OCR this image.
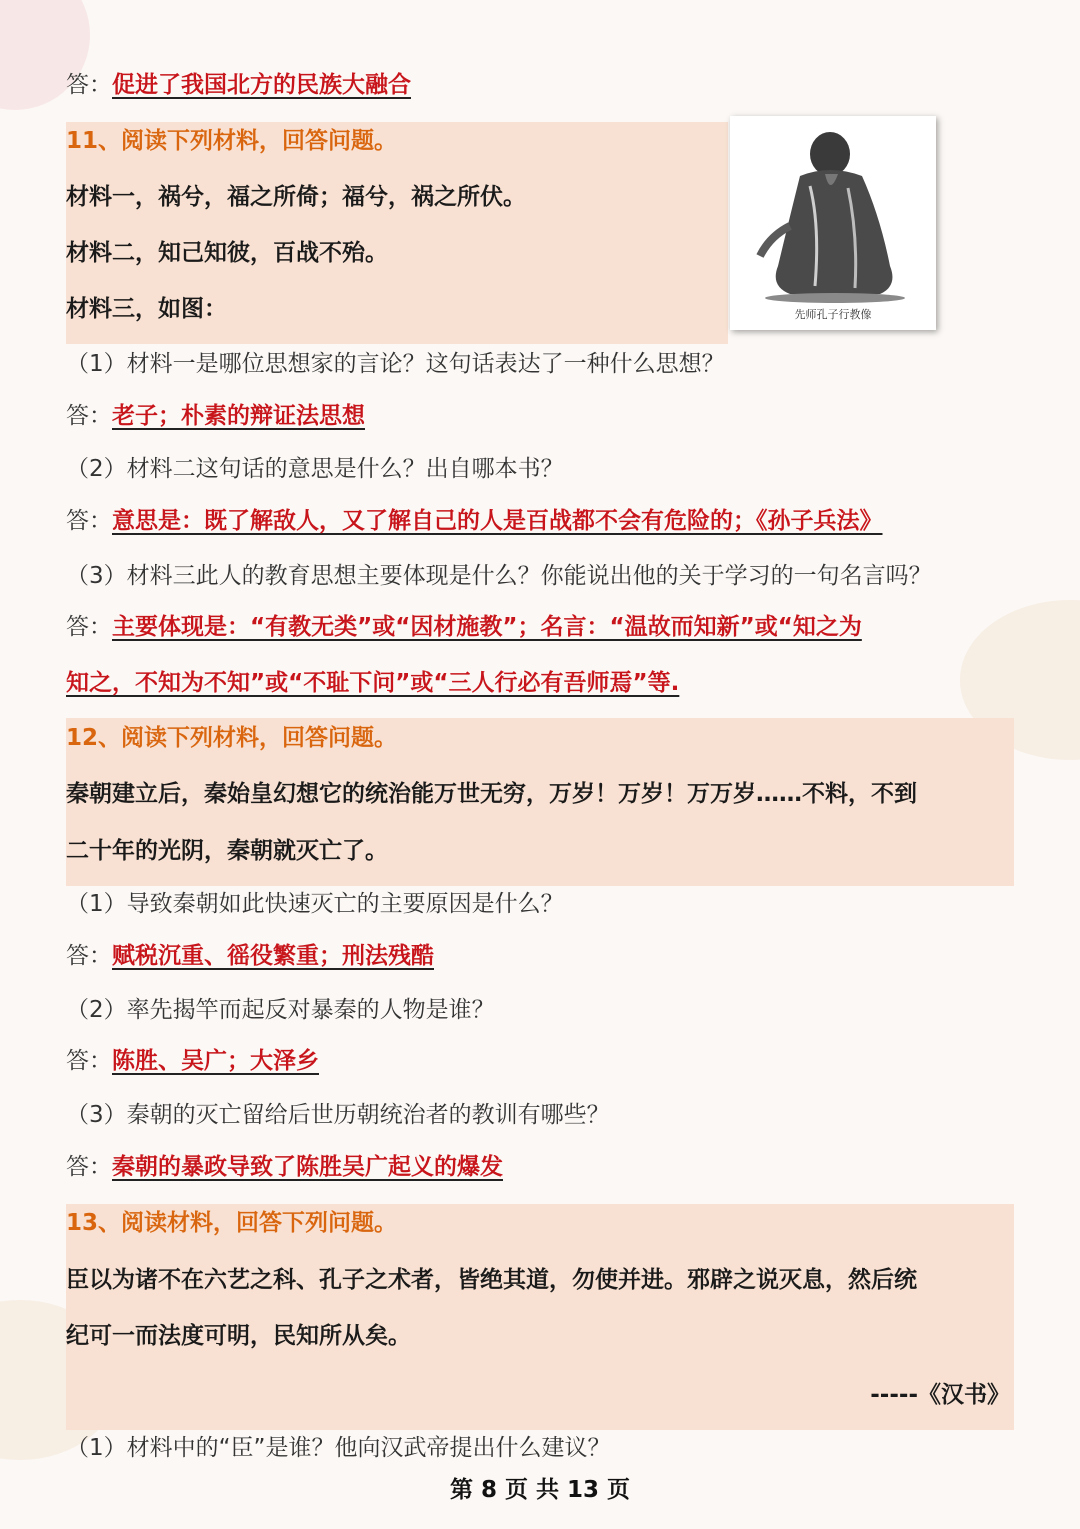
答：促进了我国北方的民族大融合
11、阅读下列材料，回答问题。
材料一，祸兮，福之所倚；福兮，祸之所伏。
材料二，知己知彼，百战不殆。
材料三，如图：	先师孔子行教像
（1）材料一是哪位思想家的言论？这句话表达了一种什么思想？
答：老子；朴素的辩证法思想
（2）材料二这句话的意思是什么？出自哪本书？
答：意思是：既了解敌人，又了解自己的人是百战都不会有危险的；《孙子兵法》
（3）材料三此人的教育思想主要体现是什么？你能说出他的关于学习的一句名言吗？
答：主要体现是：“有教无类”或“因材施教”；名言：“温故而知新”或“知之为
知之，不知为不知”或“不耻下问”或“三人行必有吾师焉”等.
12、阅读下列材料，回答问题。
秦朝建立后，秦始皇幻想它的统治能万世无穷，万岁！万岁！万万岁……不料，不到
二十年的光阴，秦朝就灭亡了。
（1）导致秦朝如此快速灭亡的主要原因是什么？
答：赋税沉重、徭役繁重；刑法残酷
（2）率先揭竿而起反对暴秦的人物是谁？
答：陈胜、吴广；大泽乡
（3）秦朝的灭亡留给后世历朝统治者的教训有哪些？
答：秦朝的暴政导致了陈胜吴广起义的爆发
13、阅读材料，回答下列问题。
臣以为诸不在六艺之科、孔子之术者，皆绝其道，勿使并进。邪辟之说灭息，然后统
纪可一而法度可明，民知所从矣。
-----《汉书》
（1）材料中的“臣”是谁？他向汉武帝提出什么建议？
第 8 页 共 13 页
